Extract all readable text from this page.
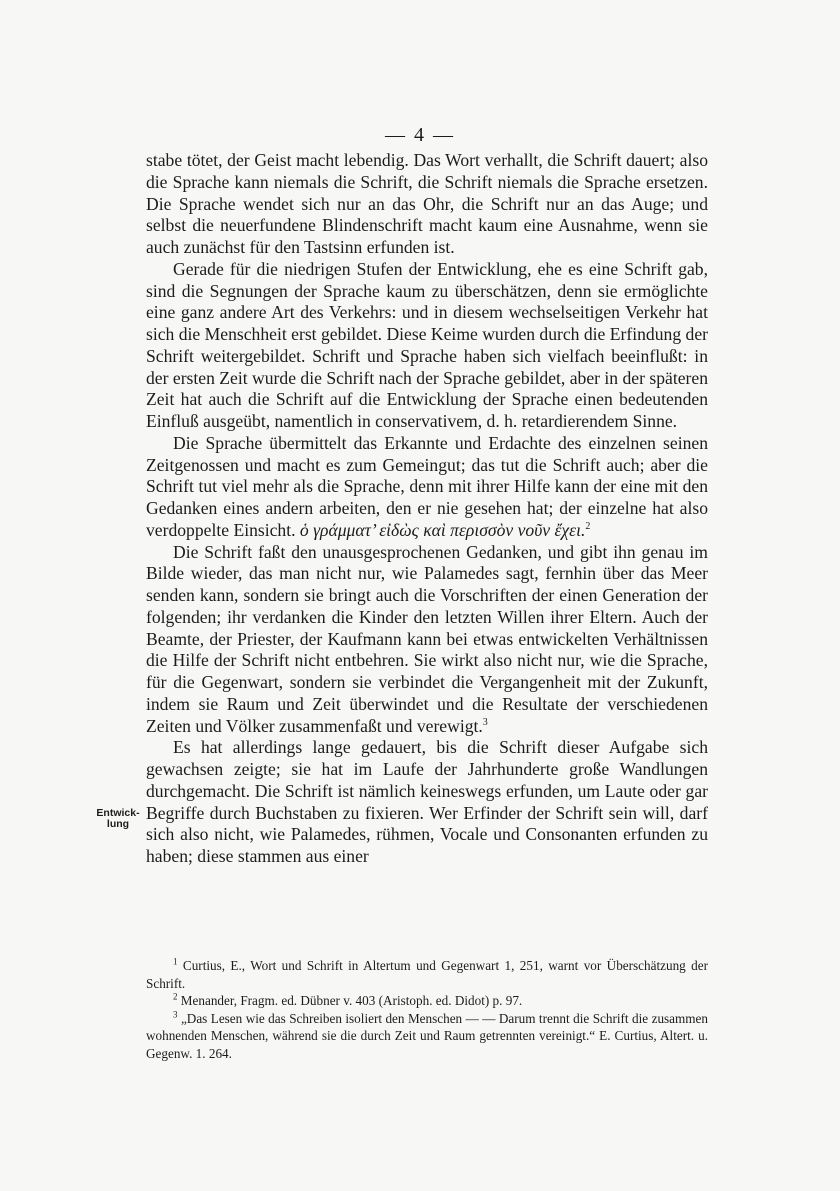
— 4 —

stabe tötet, der Geist macht lebendig. Das Wort verhallt, die Schrift dauert; also die Sprache kann niemals die Schrift, die Schrift niemals die Sprache ersetzen. Die Sprache wendet sich nur an das Ohr, die Schrift nur an das Auge; und selbst die neuerfundene Blindenschrift macht kaum eine Ausnahme, wenn sie auch zunächst für den Tastsinn erfunden ist.

Gerade für die niedrigen Stufen der Entwicklung, ehe es eine Schrift gab, sind die Segnungen der Sprache kaum zu überschätzen, denn sie ermöglichte eine ganz andere Art des Verkehrs: und in diesem wechselseitigen Verkehr hat sich die Menschheit erst gebildet. Diese Keime wurden durch die Erfindung der Schrift weitergebildet. Schrift und Sprache haben sich vielfach beeinflußt: in der ersten Zeit wurde die Schrift nach der Sprache gebildet, aber in der späteren Zeit hat auch die Schrift auf die Entwicklung der Sprache einen bedeutenden Einfluß ausgeübt, namentlich in conservativem, d. h. retardierendem Sinne.

Die Sprache übermittelt das Erkannte und Erdachte des einzelnen seinen Zeitgenossen und macht es zum Gemeingut; das tut die Schrift auch; aber die Schrift tut viel mehr als die Sprache, denn mit ihrer Hilfe kann der eine mit den Gedanken eines andern arbeiten, den er nie gesehen hat; der einzelne hat also verdoppelte Einsicht. ὁ γράμματ’ εἰδὼς καὶ περισσὸν νοῦν ἔχει.$^2$

Die Schrift faßt den unausgesprochenen Gedanken, und gibt ihn genau im Bilde wieder, das man nicht nur, wie Palamedes sagt, fernhin über das Meer senden kann, sondern sie bringt auch die Vorschriften der einen Generation der folgenden; ihr verdanken die Kinder den letzten Willen ihrer Eltern. Auch der Beamte, der Priester, der Kaufmann kann bei etwas entwickelten Verhältnissen die Hilfe der Schrift nicht entbehren. Sie wirkt also nicht nur, wie die Sprache, für die Gegenwart, sondern sie verbindet die Vergangenheit mit der Zukunft, indem sie Raum und Zeit überwindet und die Resultate der verschiedenen Zeiten und Völker zusammenfaßt und verewigt.$^3$

Es hat allerdings lange gedauert, bis die Schrift dieser Aufgabe sich gewachsen zeigte; sie hat im Laufe der Jahrhunderte große Wandlungen durchgemacht. Die Schrift ist nämlich keineswegs erfunden, um Laute oder gar Begriffe durch Buchstaben zu fixieren. Wer Erfinder der Schrift sein will, darf sich also nicht, wie Palamedes, rühmen, Vocale und Consonanten erfunden zu haben; diese stammen aus einer

Entwick-
lung

$^1$ Curtius, E., Wort und Schrift in Altertum und Gegenwart 1, 251, warnt vor Überschätzung der Schrift.

$^2$ Menander, Fragm. ed. Dübner v. 403 (Aristoph. ed. Didot) p. 97.

$^3$ „Das Lesen wie das Schreiben isoliert den Menschen — — Darum trennt die Schrift die zusammen wohnenden Menschen, während sie die durch Zeit und Raum getrennten vereinigt.“ E. Curtius, Altert. u. Gegenw. 1. 264.
